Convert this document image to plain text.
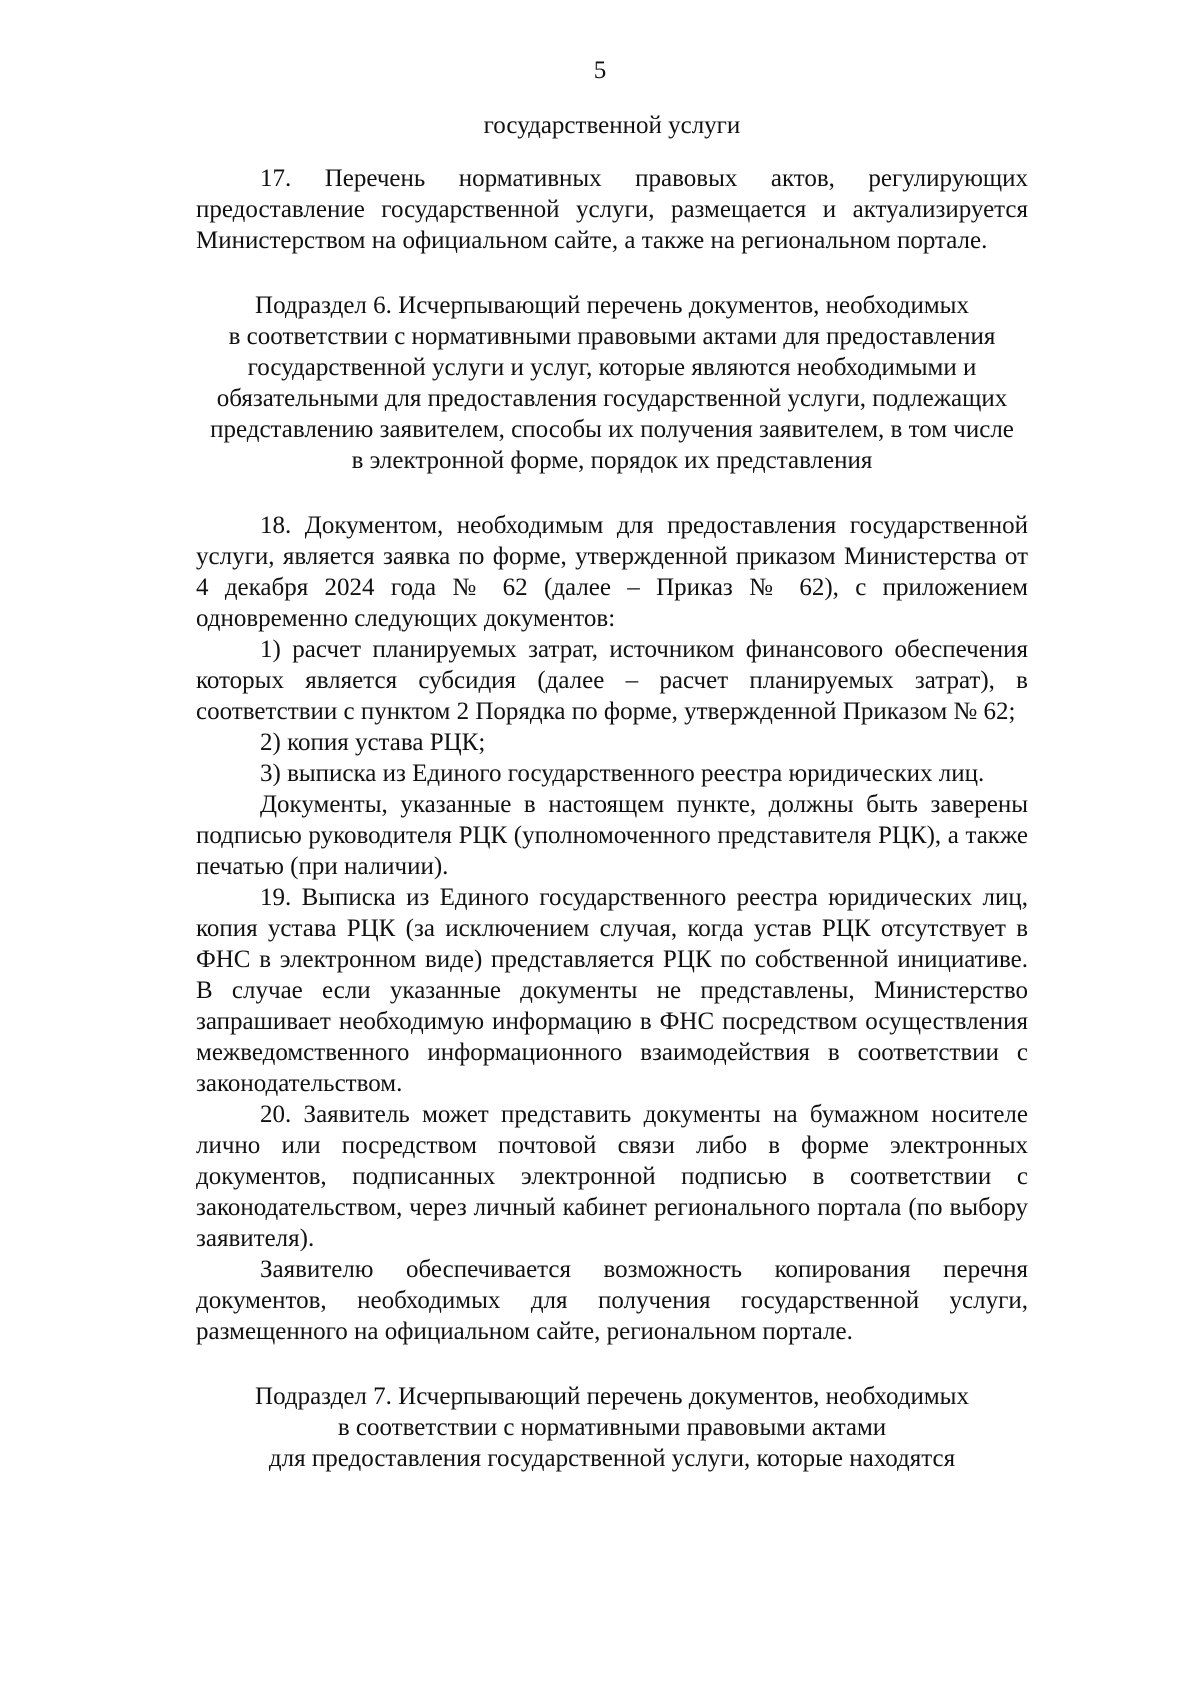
5

государственной услуги

17. Перечень нормативных правовых актов, регулирующих предоставление государственной услуги, размещается и актуализируется Министерством на официальном сайте, а также на региональном портале.

Подраздел 6. Исчерпывающий перечень документов, необходимых
в соответствии с нормативными правовыми актами для предоставления
государственной услуги и услуг, которые являются необходимыми и
обязательными для предоставления государственной услуги, подлежащих
представлению заявителем, способы их получения заявителем, в том числе
в электронной форме, порядок их представления

18. Документом, необходимым для предоставления государственной услуги, является заявка по форме, утвержденной приказом Министерства от 4 декабря 2024 года № 62 (далее – Приказ № 62), с приложением одновременно следующих документов:

1) расчет планируемых затрат, источником финансового обеспечения которых является субсидия (далее – расчет планируемых затрат), в соответствии с пунктом 2 Порядка по форме, утвержденной Приказом № 62;

2) копия устава РЦК;

3) выписка из Единого государственного реестра юридических лиц.

Документы, указанные в настоящем пункте, должны быть заверены подписью руководителя РЦК (уполномоченного представителя РЦК), а также печатью (при наличии).

19. Выписка из Единого государственного реестра юридических лиц, копия устава РЦК (за исключением случая, когда устав РЦК отсутствует в ФНС в электронном виде) представляется РЦК по собственной инициативе. В случае если указанные документы не представлены, Министерство запрашивает необходимую информацию в ФНС посредством осуществления межведомственного информационного взаимодействия в соответствии с законодательством.

20. Заявитель может представить документы на бумажном носителе лично или посредством почтовой связи либо в форме электронных документов, подписанных электронной подписью в соответствии с законодательством, через личный кабинет регионального портала (по выбору заявителя).

Заявителю обеспечивается возможность копирования перечня документов, необходимых для получения государственной услуги, размещенного на официальном сайте, региональном портале.

Подраздел 7. Исчерпывающий перечень документов, необходимых
в соответствии с нормативными правовыми актами
для предоставления государственной услуги, которые находятся
